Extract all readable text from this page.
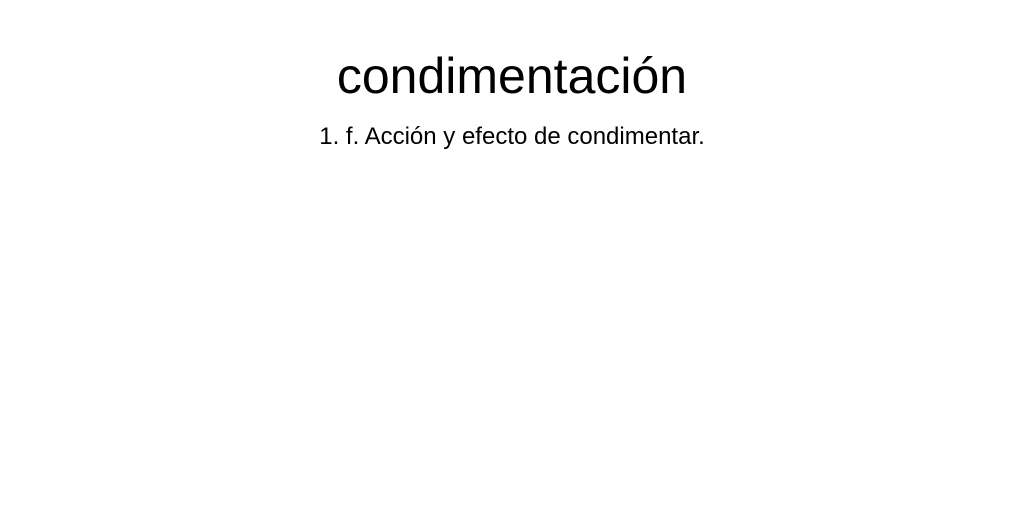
condimentación

1. f. Acción y efecto de condimentar.
